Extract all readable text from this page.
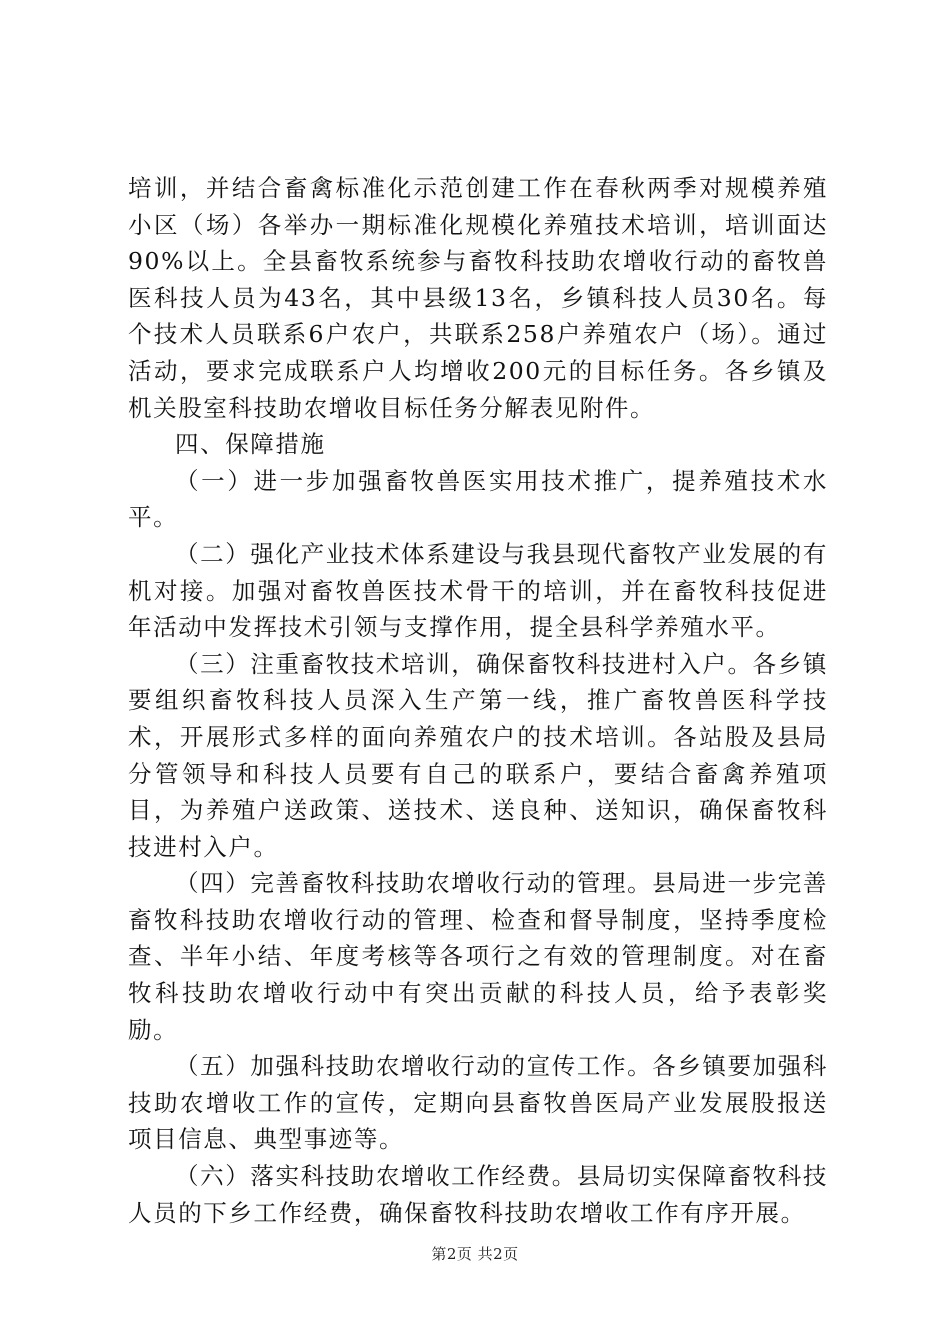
培训，并结合畜禽标准化示范创建工作在春秋两季对规模养殖小区（场）各举办一期标准化规模化养殖技术培训，培训面达90%以上。全县畜牧系统参与畜牧科技助农增收行动的畜牧兽医科技人员为43名，其中县级13名，乡镇科技人员30名。每个技术人员联系6户农户，共联系258户养殖农户（场）。通过活动，要求完成联系户人均增收200元的目标任务。各乡镇及机关股室科技助农增收目标任务分解表见附件。

四、保障措施

（一）进一步加强畜牧兽医实用技术推广，提养殖技术水平。

（二）强化产业技术体系建设与我县现代畜牧产业发展的有机对接。加强对畜牧兽医技术骨干的培训，并在畜牧科技促进年活动中发挥技术引领与支撑作用，提全县科学养殖水平。

（三）注重畜牧技术培训，确保畜牧科技进村入户。各乡镇要组织畜牧科技人员深入生产第一线，推广畜牧兽医科学技术，开展形式多样的面向养殖农户的技术培训。各站股及县局分管领导和科技人员要有自己的联系户，要结合畜禽养殖项目，为养殖户送政策、送技术、送良种、送知识，确保畜牧科技进村入户。

（四）完善畜牧科技助农增收行动的管理。县局进一步完善畜牧科技助农增收行动的管理、检查和督导制度，坚持季度检查、半年小结、年度考核等各项行之有效的管理制度。对在畜牧科技助农增收行动中有突出贡献的科技人员，给予表彰奖励。

（五）加强科技助农增收行动的宣传工作。各乡镇要加强科技助农增收工作的宣传，定期向县畜牧兽医局产业发展股报送项目信息、典型事迹等。

（六）落实科技助农增收工作经费。县局切实保障畜牧科技人员的下乡工作经费，确保畜牧科技助农增收工作有序开展。

第2页 共2页
